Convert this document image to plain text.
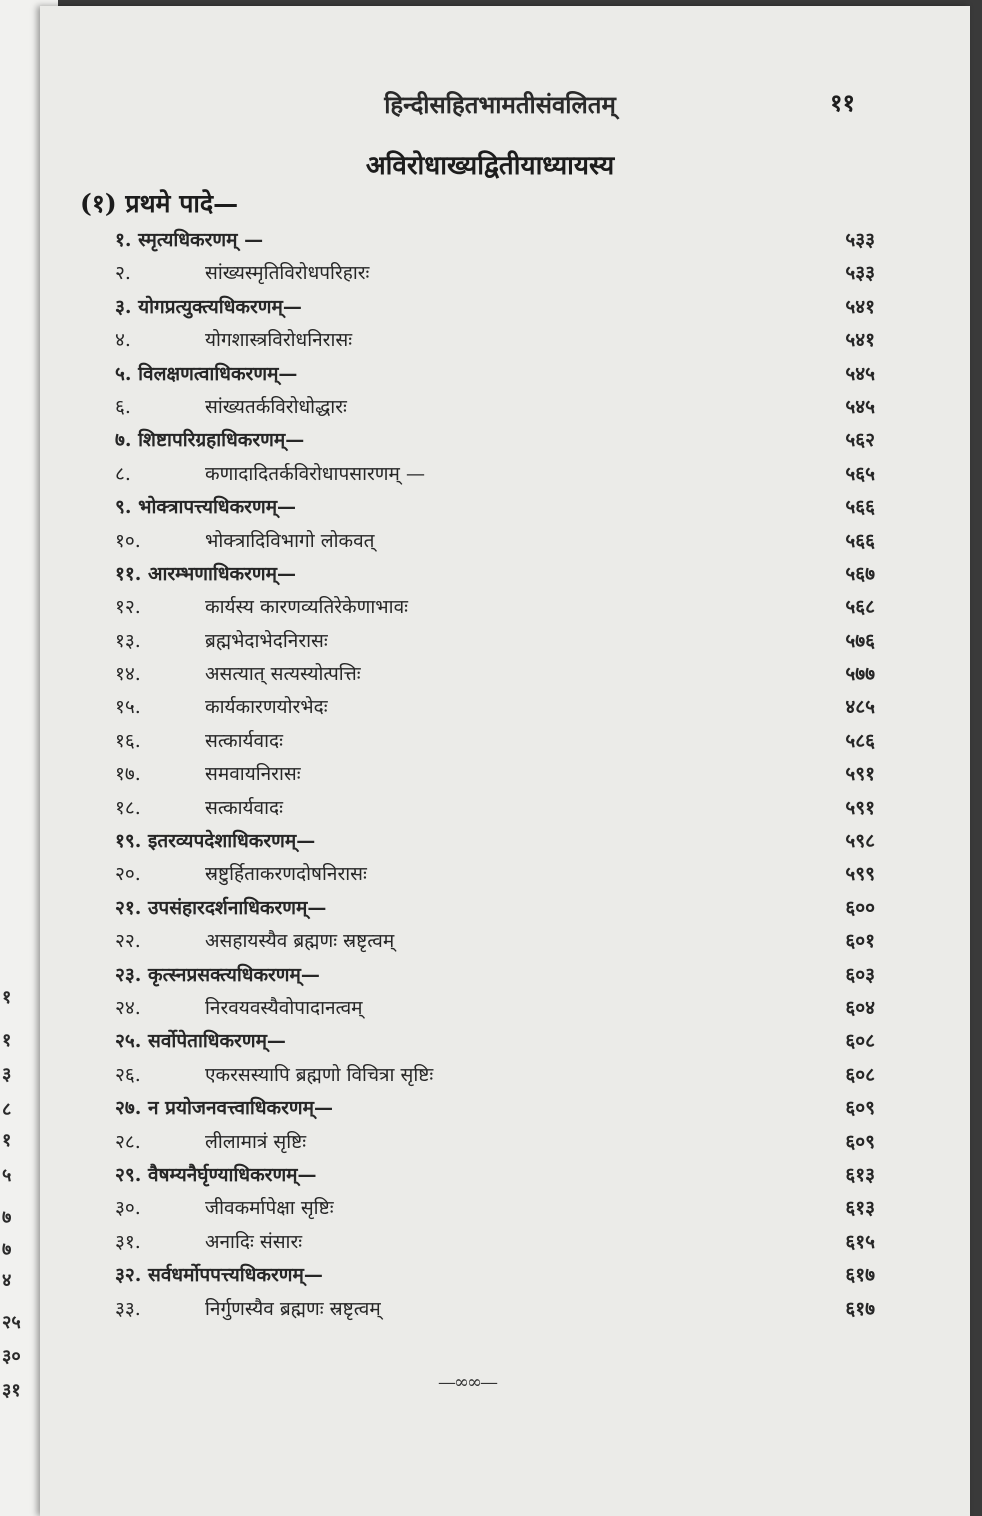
१
१
३
८
१
५
७
७
४
२५
३०
३१
हिन्दीसहितभामतीसंवलितम्	११
अविरोधाख्यद्वितीयाध्यायस्य
(१) प्रथमे पादे—
१. स्मृत्यधिकरणम् —	५३३
२.	सांख्यस्मृतिविरोधपरिहारः	५३३
३. योगप्रत्युक्त्यधिकरणम्—	५४१
४.	योगशास्त्रविरोधनिरासः	५४१
५. विलक्षणत्वाधिकरणम्—	५४५
६.	सांख्यतर्कविरोधोद्धारः	५४५
७. शिष्टापरिग्रहाधिकरणम्—	५६२
८.	कणादादितर्कविरोधापसारणम् —	५६५
९. भोक्त्रापत्त्यधिकरणम्—	५६६
१०.	भोक्त्रादिविभागो लोकवत्	५६६
११. आरम्भणाधिकरणम्—	५६७
१२.	कार्यस्य कारणव्यतिरेकेणाभावः	५६८
१३.	ब्रह्मभेदाभेदनिरासः	५७६
१४.	असत्यात् सत्यस्योत्पत्तिः	५७७
१५.	कार्यकारणयोरभेदः	४८५
१६.	सत्कार्यवादः	५८६
१७.	समवायनिरासः	५९१
१८.	सत्कार्यवादः	५९१
१९. इतरव्यपदेशाधिकरणम्—	५९८
२०.	स्रष्टुर्हिताकरणदोषनिरासः	५९९
२१. उपसंहारदर्शनाधिकरणम्—	६००
२२.	असहायस्यैव ब्रह्मणः स्रष्टृत्वम्	६०१
२३. कृत्स्नप्रसक्त्यधिकरणम्—	६०३
२४.	निरवयवस्यैवोपादानत्वम्	६०४
२५. सर्वोपेताधिकरणम्—	६०८
२६.	एकरसस्यापि ब्रह्मणो विचित्रा सृष्टिः	६०८
२७. न प्रयोजनवत्त्वाधिकरणम्—	६०९
२८.	लीलामात्रं सृष्टिः	६०९
२९. वैषम्यनैर्घृण्याधिकरणम्—	६१३
३०.	जीवकर्मापेक्षा सृष्टिः	६१३
३१.	अनादिः संसारः	६१५
३२. सर्वधर्मोपपत्त्यधिकरणम्—	६१७
३३.	निर्गुणस्यैव ब्रह्मणः स्रष्टृत्वम्	६१७
—∞∞—
